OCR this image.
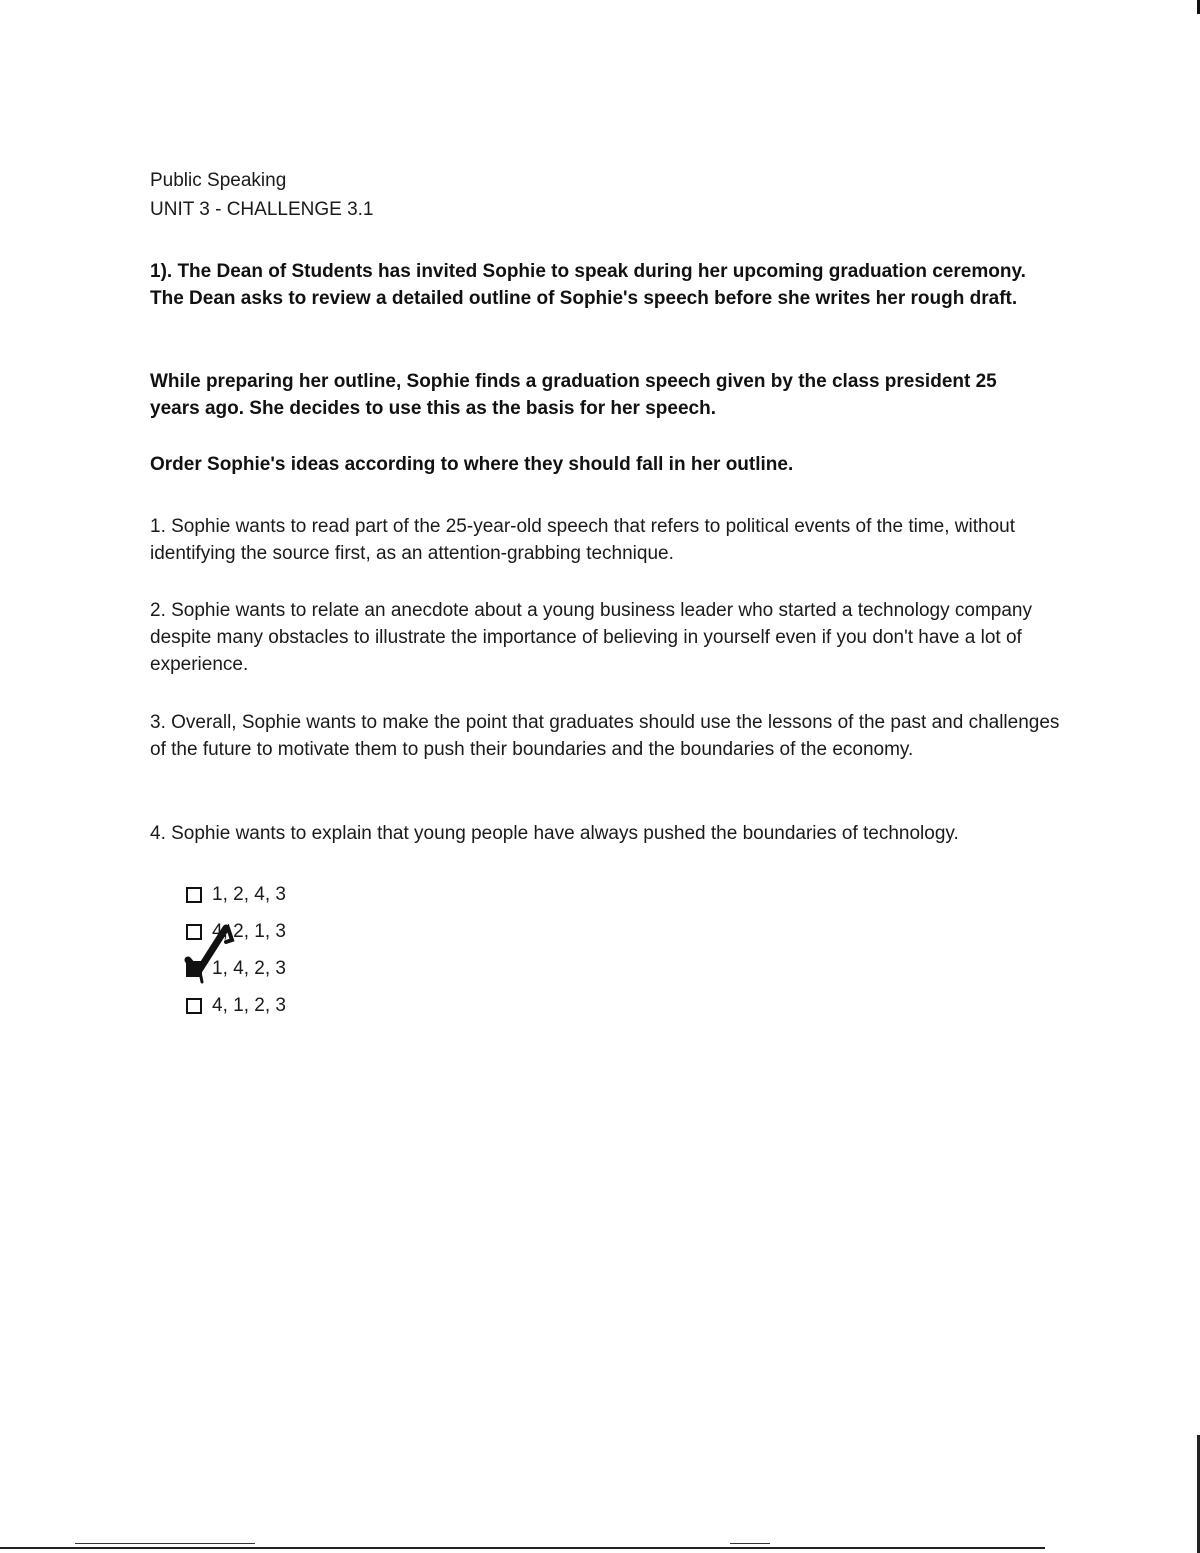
Public Speaking
UNIT 3 - CHALLENGE 3.1
1). The Dean of Students has invited Sophie to speak during her upcoming graduation ceremony. The Dean asks to review a detailed outline of Sophie's speech before she writes her rough draft.
While preparing her outline, Sophie finds a graduation speech given by the class president 25 years ago. She decides to use this as the basis for her speech.
Order Sophie's ideas according to where they should fall in her outline.
1. Sophie wants to read part of the 25-year-old speech that refers to political events of the time, without identifying the source first, as an attention-grabbing technique.
2. Sophie wants to relate an anecdote about a young business leader who started a technology company despite many obstacles to illustrate the importance of believing in yourself even if you don't have a lot of experience.
3. Overall, Sophie wants to make the point that graduates should use the lessons of the past and challenges of the future to motivate them to push their boundaries and the boundaries of the economy.
4. Sophie wants to explain that young people have always pushed the boundaries of technology.
1, 2, 4, 3
4, 2, 1, 3
1, 4, 2, 3
4, 1, 2, 3
